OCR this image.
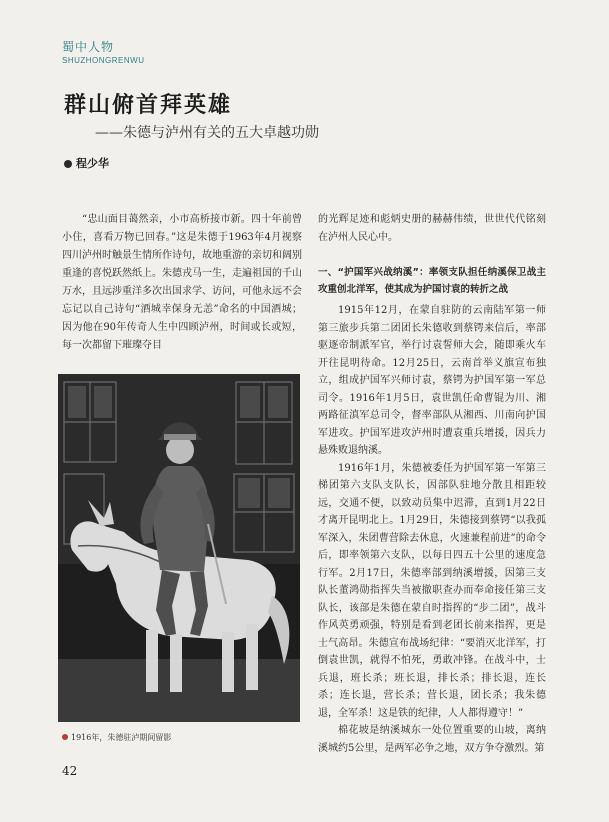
蜀中人物
SHUZHONGRENWU
群山俯首拜英雄
——朱德与泸州有关的五大卓越功勋
程少华
“忠山面目蔼然亲，小市高桥接市新。四十年前曾小住，喜看万物已回春。”这是朱德于1963年4月视察四川泸州时触景生情所作诗句，故地重游的亲切和阔别重逢的喜悦跃然纸上。朱德戎马一生，走遍祖国的千山万水，且远涉重洋多次出国求学、访问，可他永远不会忘记以自己诗句“酒城幸保身无恙”命名的中国酒城；因为他在90年传奇人生中四顾泸州，时间或长或短，每一次都留下璀璨夺目
1916年，朱德驻泸期间留影

的光辉足迹和彪炳史册的赫赫伟绩，世世代代铭刻在泸州人民心中。

一、“护国军兴战纳溪”：率领支队担任纳溪保卫战主攻重创北洋军，使其成为护国讨袁的转折之战

1915年12月，在蒙自驻防的云南陆军第一师第三旅步兵第二团团长朱德收到蔡锷来信后，率部驱逐帝制派军官，举行讨袁誓师大会，随即乘火车开往昆明待命。12月25日，云南首举义旗宣布独立，组成护国军兴师讨袁，蔡锷为护国军第一军总司令。1916年1月5日，袁世凯任命曹锟为川、湘两路征滇军总司令，督率部队从湘西、川南向护国军进攻。护国军进攻泸州时遭袁重兵增援，因兵力悬殊败退纳溪。

1916年1月，朱德被委任为护国军第一军第三梯团第六支队支队长，因部队驻地分散且相距较远，交通不便，以致动员集中迟滞，直到1月22日才离开昆明北上。1月29日，朱德接到蔡锷“以我孤军深入，朱团曹营除去休息，火速兼程前进”的命令后，即率领第六支队，以每日四五十公里的速度急行军。2月17日，朱德率部到纳溪增援，因第三支队长董鸿勋指挥失当被撤职查办而奉命接任第三支队长，该部是朱德在蒙自时指挥的“步二团”，战斗作风英勇顽强，特别是看到老团长前来指挥，更是士气高昂。朱德宣布战场纪律：“要消灭北洋军，打倒袁世凯，就得不怕死，勇敢冲锋。在战斗中，士兵退，班长杀；班长退，排长杀；排长退，连长杀；连长退，营长杀；营长退，团长杀；我朱德退，全军杀！这是铁的纪律，人人都得遵守！”

棉花坡是纳溪城东一处位置重要的山坡，离纳溪城约5公里，是两军必争之地，双方争夺激烈。第

42
